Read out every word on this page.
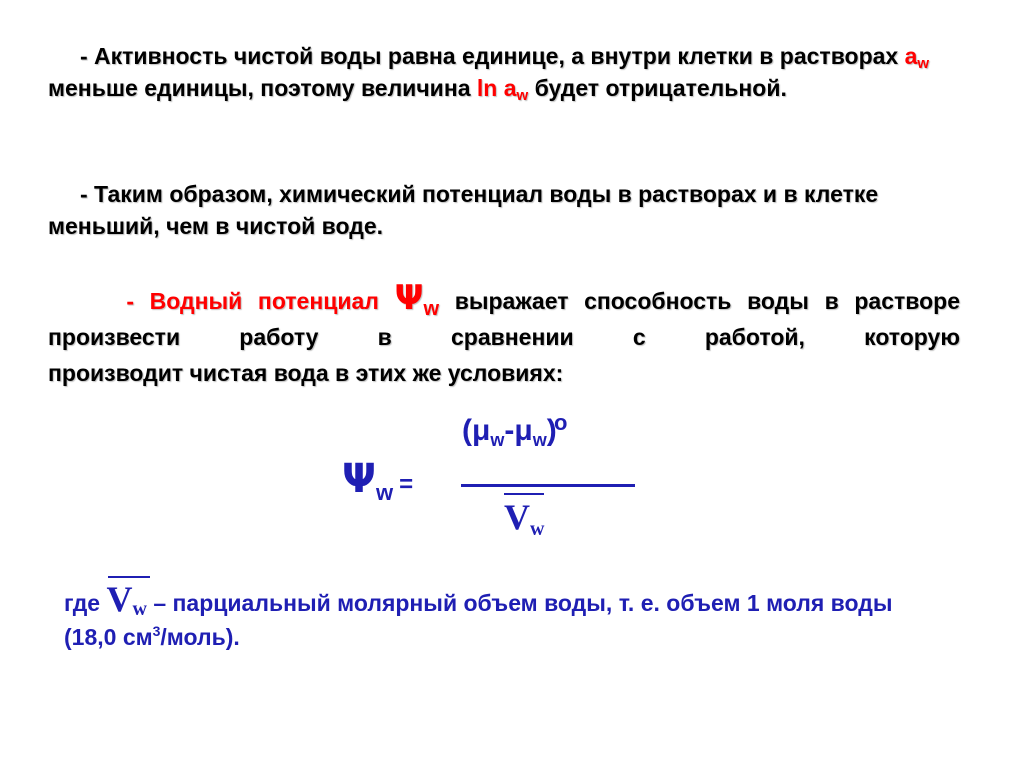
- Активность чистой воды равна единице, а внутри клетки в растворах $a_w$ меньше единицы, поэтому величина $\ln a_w$ будет отрицательной.

- Таким образом, химический потенциал воды в растворах и в клетке меньший, чем в чистой воде.

- Водный потенциал Ψw выражает способность воды в растворе произвести работу в сравнении с работой, которую
производит чистая вода в этих же условиях:

Ψw =
$(\mu_w-\mu_w)$
o
Vw
где Vw – парциальный молярный объем воды, т. е. объем 1 моля воды (18,0 $см^3/моль$).
